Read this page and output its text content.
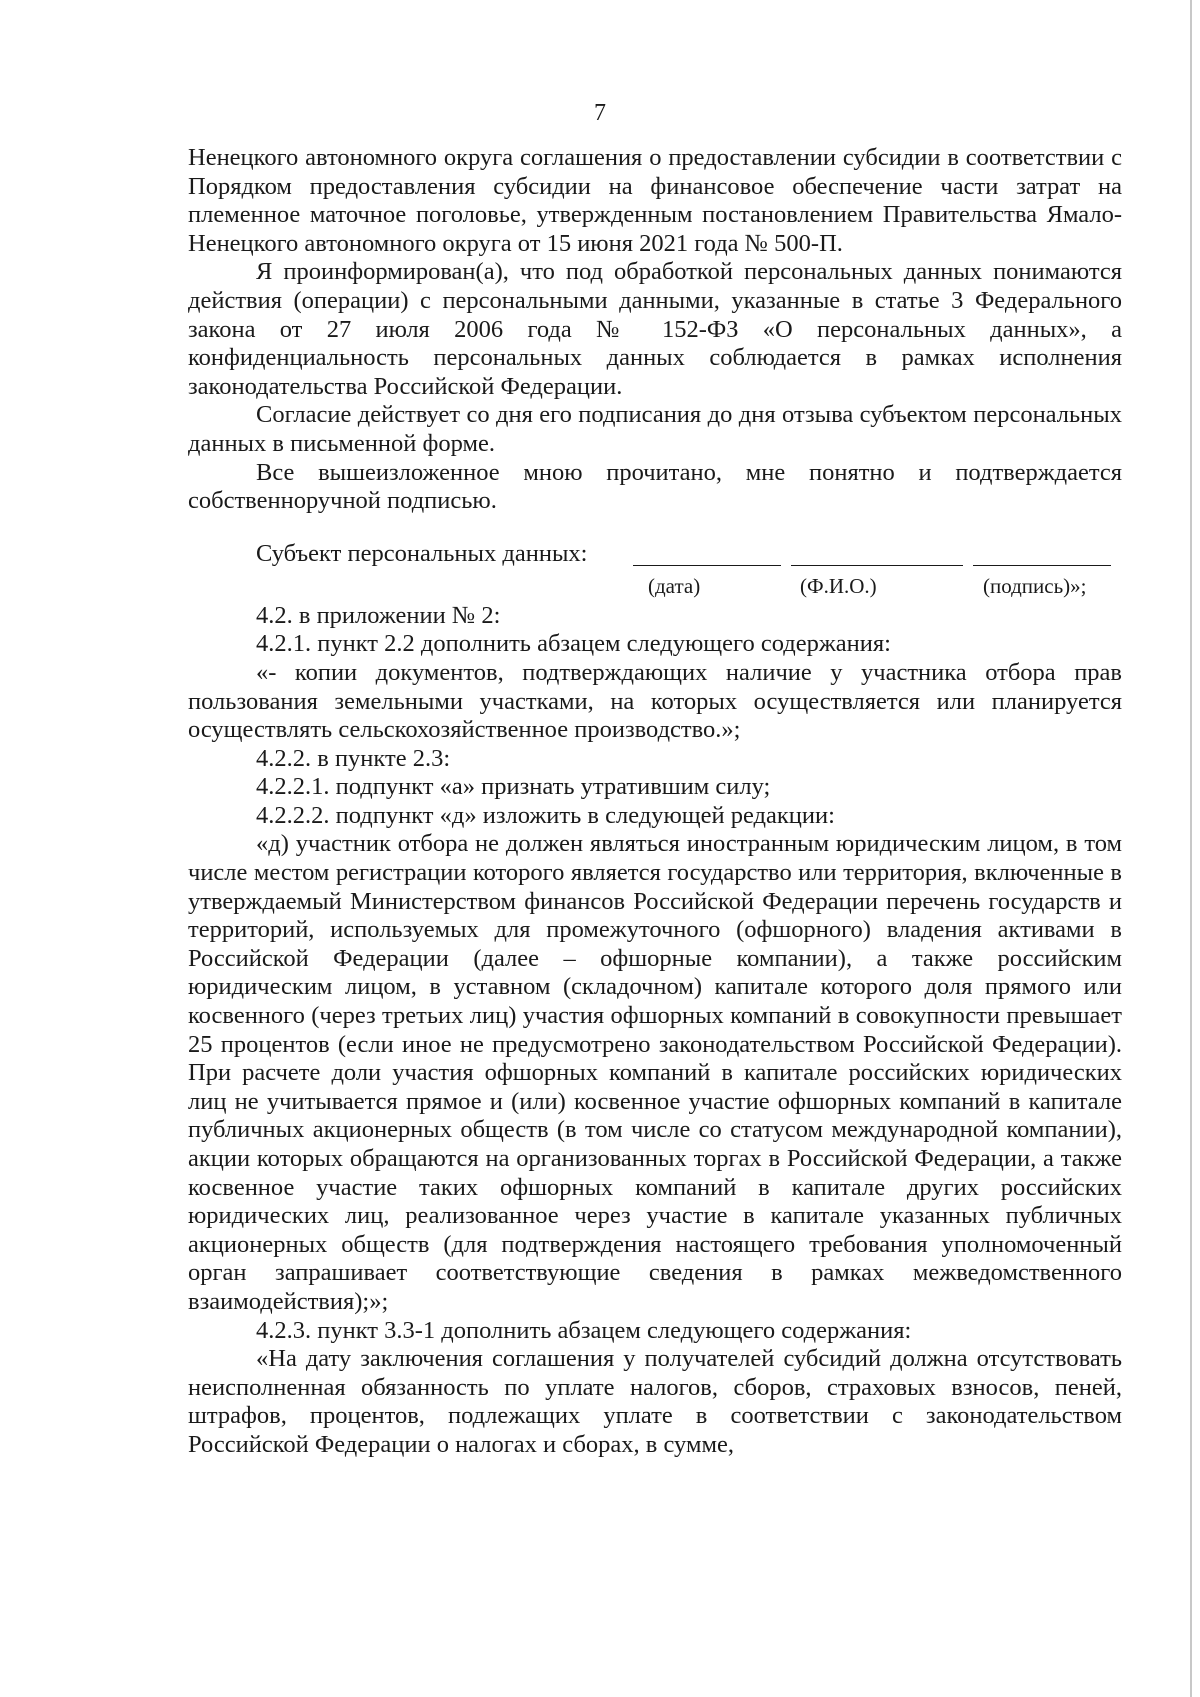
7

Ненецкого автономного округа соглашения о предоставлении субсидии в соответствии с Порядком предоставления субсидии на финансовое обеспечение части затрат на племенное маточное поголовье, утвержденным постановлением Правительства Ямало-Ненецкого автономного округа от 15 июня 2021 года № 500-П.

Я проинформирован(а), что под обработкой персональных данных понимаются действия (операции) с персональными данными, указанные в статье 3 Федерального закона от 27 июля 2006 года № 152-ФЗ «О персональных данных», а конфиденциальность персональных данных соблюдается в рамках исполнения законодательства Российской Федерации.

Согласие действует со дня его подписания до дня отзыва субъектом персональных данных в письменной форме.

Все вышеизложенное мною прочитано, мне понятно и подтверждается собственноручной подписью.

Субъект персональных данных:
(дата)	(Ф.И.О.)	(подпись)»;

4.2. в приложении № 2:

4.2.1. пункт 2.2 дополнить абзацем следующего содержания:

«- копии документов, подтверждающих наличие у участника отбора прав пользования земельными участками, на которых осуществляется или планируется осуществлять сельскохозяйственное производство.»;

4.2.2. в пункте 2.3:

4.2.2.1. подпункт «а» признать утратившим силу;

4.2.2.2. подпункт «д» изложить в следующей редакции:

«д) участник отбора не должен являться иностранным юридическим лицом, в том числе местом регистрации которого является государство или территория, включенные в утверждаемый Министерством финансов Российской Федерации перечень государств и территорий, используемых для промежуточного (офшорного) владения активами в Российской Федерации (далее – офшорные компании), а также российским юридическим лицом, в уставном (складочном) капитале которого доля прямого или косвенного (через третьих лиц) участия офшорных компаний в совокупности превышает 25 процентов (если иное не предусмотрено законодательством Российской Федерации). При расчете доли участия офшорных компаний в капитале российских юридических лиц не учитывается прямое и (или) косвенное участие офшорных компаний в капитале публичных акционерных обществ (в том числе со статусом международной компании), акции которых обращаются на организованных торгах в Российской Федерации, а также косвенное участие таких офшорных компаний в капитале других российских юридических лиц, реализованное через участие в капитале указанных публичных акционерных обществ (для подтверждения настоящего требования уполномоченный орган запрашивает соответствующие сведения в рамках межведомственного взаимодействия);»;

4.2.3. пункт 3.3-1 дополнить абзацем следующего содержания:

«На дату заключения соглашения у получателей субсидий должна отсутствовать неисполненная обязанность по уплате налогов, сборов, страховых взносов, пеней, штрафов, процентов, подлежащих уплате в соответствии с законодательством Российской Федерации о налогах и сборах, в сумме,
